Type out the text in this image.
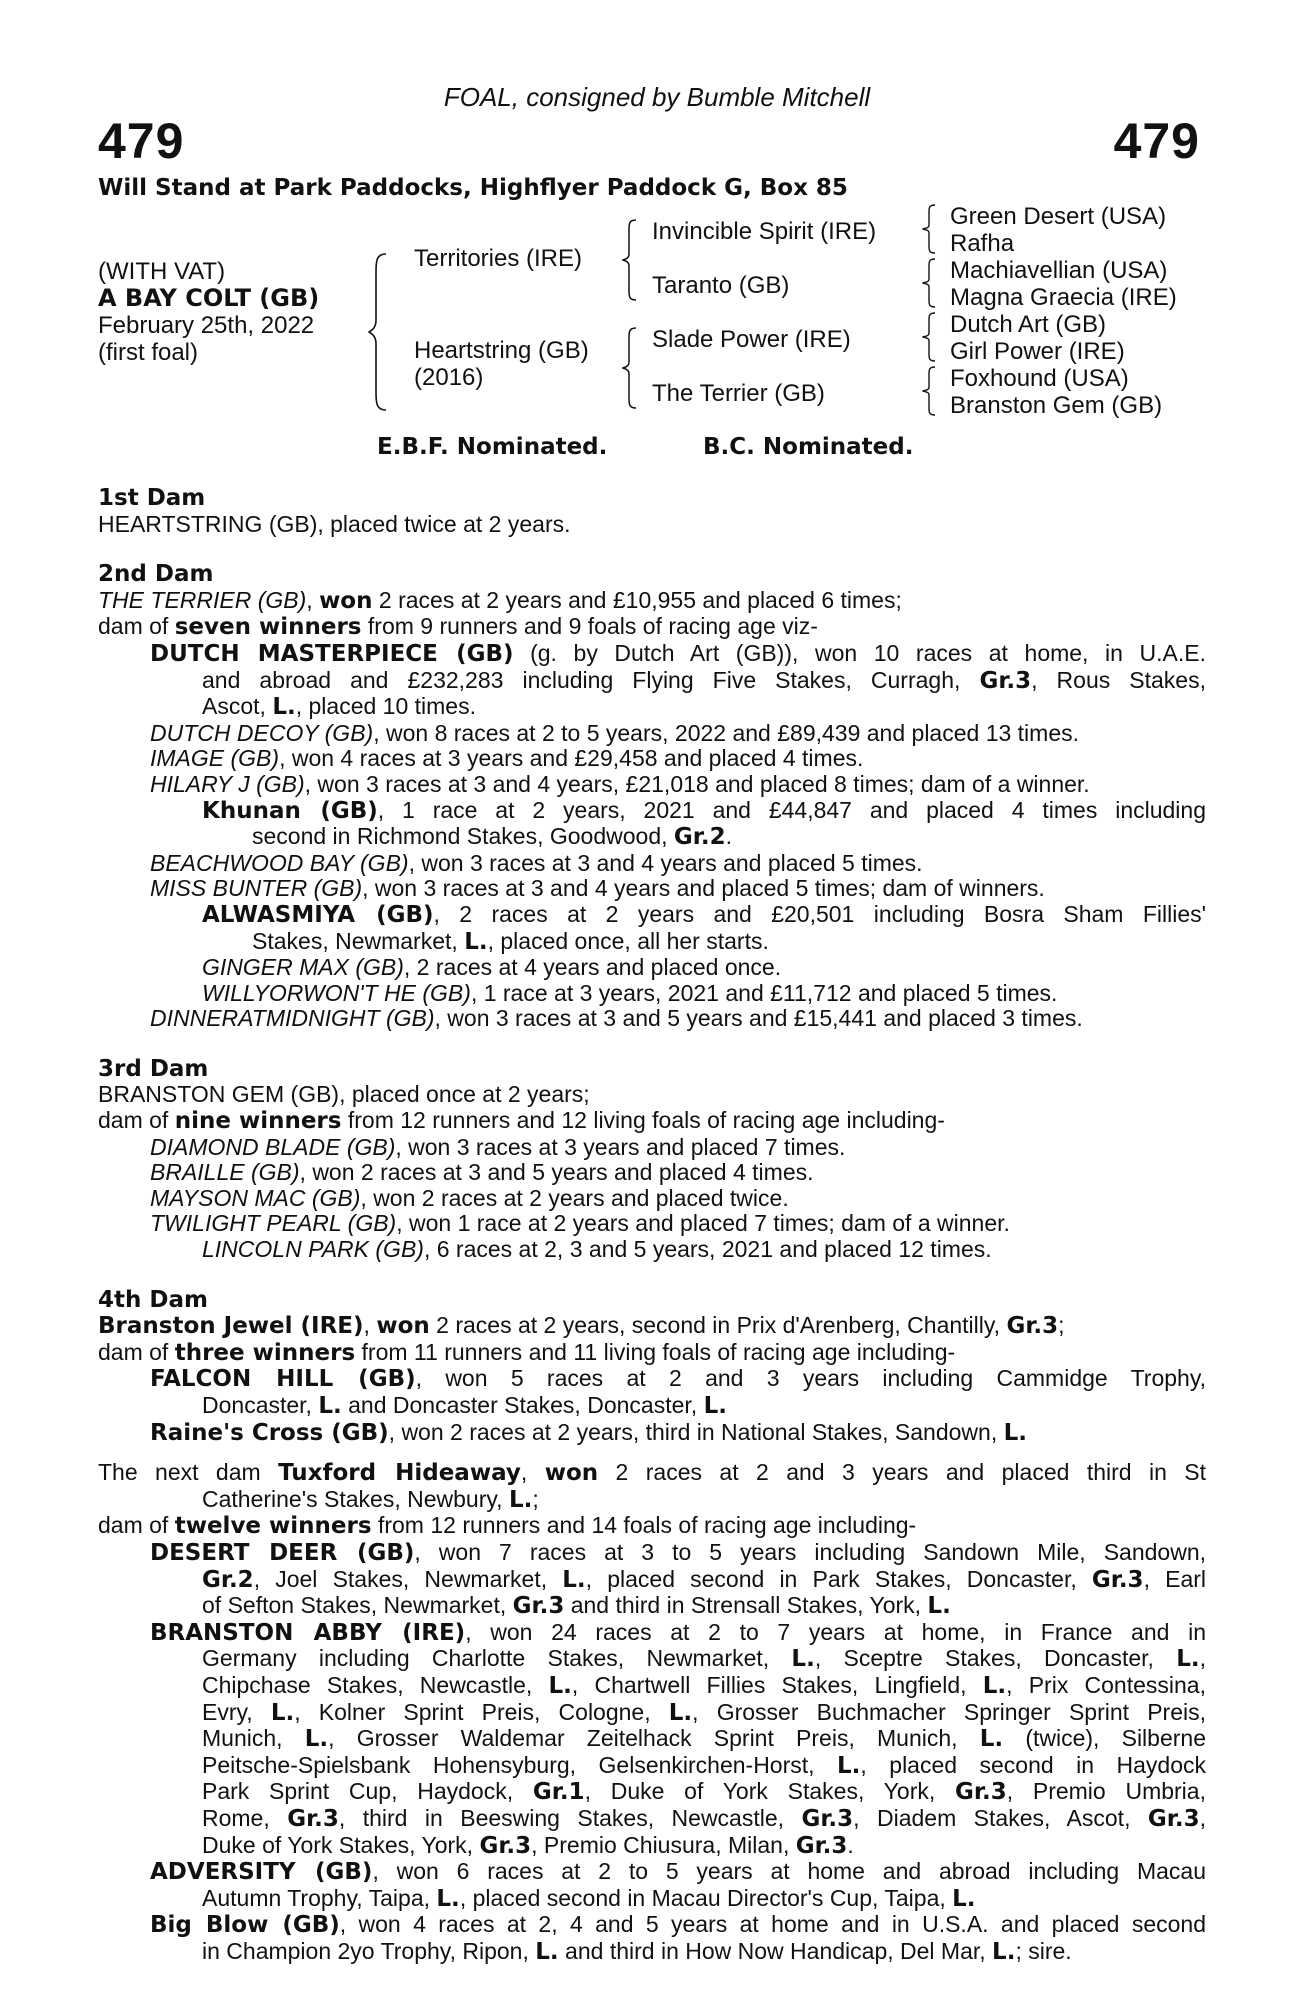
FOAL, consigned by Bumble Mitchell
479	479
Will Stand at Park Paddocks, Highflyer Paddock G, Box 85
(WITH VAT)
A BAY COLT (GB)
February 25th, 2022
(first foal)
Territories (IRE)
Heartstring (GB)
(2016)
Invincible Spirit (IRE)
Taranto (GB)
Slade Power (IRE)
The Terrier (GB)
Green Desert (USA)
Rafha
Machiavellian (USA)
Magna Graecia (IRE)
Dutch Art (GB)
Girl Power (IRE)
Foxhound (USA)
Branston Gem (GB)
E.B.F. Nominated.	B.C. Nominated.
1st Dam
HEARTSTRING (GB), placed twice at 2 years.
2nd Dam
THE TERRIER (GB), won 2 races at 2 years and £10,955 and placed 6 times;
dam of seven winners from 9 runners and 9 foals of racing age viz-
DUTCH MASTERPIECE (GB) (g. by Dutch Art (GB)), won 10 races at home, in U.A.E.
and abroad and £232,283 including Flying Five Stakes, Curragh, Gr.3, Rous Stakes,
Ascot, L., placed 10 times.
DUTCH DECOY (GB), won 8 races at 2 to 5 years, 2022 and £89,439 and placed 13 times.
IMAGE (GB), won 4 races at 3 years and £29,458 and placed 4 times.
HILARY J (GB), won 3 races at 3 and 4 years, £21,018 and placed 8 times; dam of a winner.
Khunan (GB), 1 race at 2 years, 2021 and £44,847 and placed 4 times including
second in Richmond Stakes, Goodwood, Gr.2.
BEACHWOOD BAY (GB), won 3 races at 3 and 4 years and placed 5 times.
MISS BUNTER (GB), won 3 races at 3 and 4 years and placed 5 times; dam of winners.
ALWASMIYA (GB), 2 races at 2 years and £20,501 including Bosra Sham Fillies'
Stakes, Newmarket, L., placed once, all her starts.
GINGER MAX (GB), 2 races at 4 years and placed once.
WILLYORWON'T HE (GB), 1 race at 3 years, 2021 and £11,712 and placed 5 times.
DINNERATMIDNIGHT (GB), won 3 races at 3 and 5 years and £15,441 and placed 3 times.
3rd Dam
BRANSTON GEM (GB), placed once at 2 years;
dam of nine winners from 12 runners and 12 living foals of racing age including-
DIAMOND BLADE (GB), won 3 races at 3 years and placed 7 times.
BRAILLE (GB), won 2 races at 3 and 5 years and placed 4 times.
MAYSON MAC (GB), won 2 races at 2 years and placed twice.
TWILIGHT PEARL (GB), won 1 race at 2 years and placed 7 times; dam of a winner.
LINCOLN PARK (GB), 6 races at 2, 3 and 5 years, 2021 and placed 12 times.
4th Dam
Branston Jewel (IRE), won 2 races at 2 years, second in Prix d'Arenberg, Chantilly, Gr.3;
dam of three winners from 11 runners and 11 living foals of racing age including-
FALCON HILL (GB), won 5 races at 2 and 3 years including Cammidge Trophy,
Doncaster, L. and Doncaster Stakes, Doncaster, L.
Raine's Cross (GB), won 2 races at 2 years, third in National Stakes, Sandown, L.
The next dam Tuxford Hideaway, won 2 races at 2 and 3 years and placed third in St
Catherine's Stakes, Newbury, L.;
dam of twelve winners from 12 runners and 14 foals of racing age including-
DESERT DEER (GB), won 7 races at 3 to 5 years including Sandown Mile, Sandown,
Gr.2, Joel Stakes, Newmarket, L., placed second in Park Stakes, Doncaster, Gr.3, Earl
of Sefton Stakes, Newmarket, Gr.3 and third in Strensall Stakes, York, L.
BRANSTON ABBY (IRE), won 24 races at 2 to 7 years at home, in France and in
Germany including Charlotte Stakes, Newmarket, L., Sceptre Stakes, Doncaster, L.,
Chipchase Stakes, Newcastle, L., Chartwell Fillies Stakes, Lingfield, L., Prix Contessina,
Evry, L., Kolner Sprint Preis, Cologne, L., Grosser Buchmacher Springer Sprint Preis,
Munich, L., Grosser Waldemar Zeitelhack Sprint Preis, Munich, L. (twice), Silberne
Peitsche-Spielsbank Hohensyburg, Gelsenkirchen-Horst, L., placed second in Haydock
Park Sprint Cup, Haydock, Gr.1, Duke of York Stakes, York, Gr.3, Premio Umbria,
Rome, Gr.3, third in Beeswing Stakes, Newcastle, Gr.3, Diadem Stakes, Ascot, Gr.3,
Duke of York Stakes, York, Gr.3, Premio Chiusura, Milan, Gr.3.
ADVERSITY (GB), won 6 races at 2 to 5 years at home and abroad including Macau
Autumn Trophy, Taipa, L., placed second in Macau Director's Cup, Taipa, L.
Big Blow (GB), won 4 races at 2, 4 and 5 years at home and in U.S.A. and placed second
in Champion 2yo Trophy, Ripon, L. and third in How Now Handicap, Del Mar, L.; sire.
